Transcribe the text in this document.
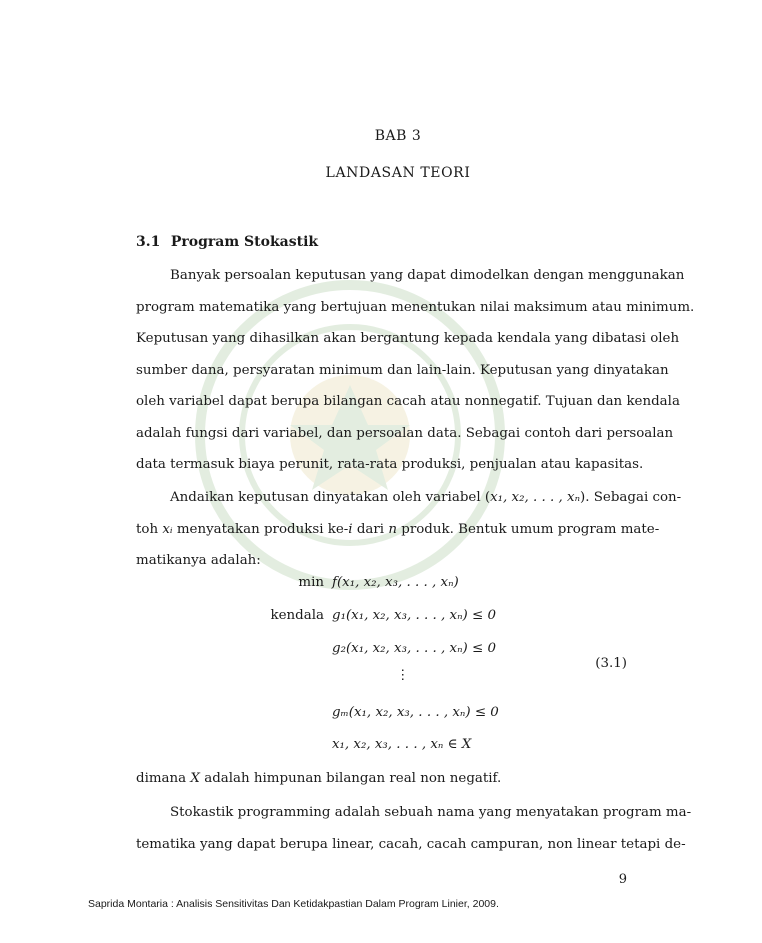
BAB 3
LANDASAN TEORI
3.1 Program Stokastik
Banyak persoalan keputusan yang dapat dimodelkan dengan menggunakan
program matematika yang bertujuan menentukan nilai maksimum atau minimum.
Keputusan yang dihasilkan akan bergantung kepada kendala yang dibatasi oleh
sumber dana, persyaratan minimum dan lain-lain. Keputusan yang dinyatakan
oleh variabel dapat berupa bilangan cacah atau nonnegatif. Tujuan dan kendala
adalah fungsi dari variabel, dan persoalan data. Sebagai contoh dari persoalan
data termasuk biaya perunit, rata-rata produksi, penjualan atau kapasitas.
Andaikan keputusan dinyatakan oleh variabel (x₁, x₂, . . . , xₙ). Sebagai con-
toh xᵢ menyatakan produksi ke-i dari n produk. Bentuk umum program mate-
matikanya adalah:
min f(x₁, x₂, x₃, . . . , xₙ)
kendala g₁(x₁, x₂, x₃, . . . , xₙ) ≤ 0
g₂(x₁, x₂, x₃, . . . , xₙ) ≤ 0
⋮
gₘ(x₁, x₂, x₃, . . . , xₙ) ≤ 0
x₁, x₂, x₃, . . . , xₙ ∈ X
(3.1)
dimana X adalah himpunan bilangan real non negatif.
Stokastik programming adalah sebuah nama yang menyatakan program ma-
tematika yang dapat berupa linear, cacah, cacah campuran, non linear tetapi de-
9
Saprida Montaria : Analisis Sensitivitas Dan Ketidakpastian Dalam Program Linier, 2009.
